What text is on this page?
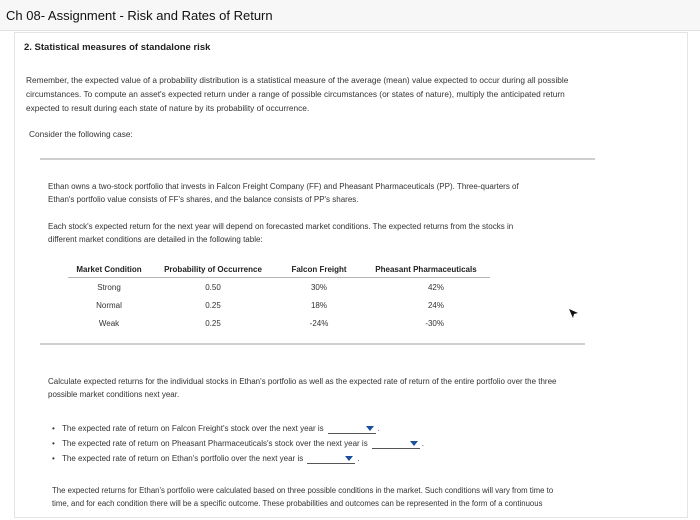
Ch 08- Assignment - Risk and Rates of Return
2. Statistical measures of standalone risk
Remember, the expected value of a probability distribution is a statistical measure of the average (mean) value expected to occur during all possible
circumstances. To compute an asset's expected return under a range of possible circumstances (or states of nature), multiply the anticipated return
expected to result during each state of nature by its probability of occurrence.
Consider the following case:
Ethan owns a two-stock portfolio that invests in Falcon Freight Company (FF) and Pheasant Pharmaceuticals (PP). Three-quarters of
Ethan's portfolio value consists of FF's shares, and the balance consists of PP's shares.
Each stock's expected return for the next year will depend on forecasted market conditions. The expected returns from the stocks in
different market conditions are detailed in the following table:
Market Condition	Probability of Occurrence	Falcon Freight	Pheasant Pharmaceuticals
Strong	0.50	30%	42%
Normal	0.25	18%	24%
Weak	0.25	-24%	-30%
Calculate expected returns for the individual stocks in Ethan's portfolio as well as the expected rate of return of the entire portfolio over the three
possible market conditions next year.
• The expected rate of return on Falcon Freight's stock over the next year is	.
• The expected rate of return on Pheasant Pharmaceuticals's stock over the next year is	.
• The expected rate of return on Ethan's portfolio over the next year is	.
The expected returns for Ethan's portfolio were calculated based on three possible conditions in the market. Such conditions will vary from time to
time, and for each condition there will be a specific outcome. These probabilities and outcomes can be represented in the form of a continuous
